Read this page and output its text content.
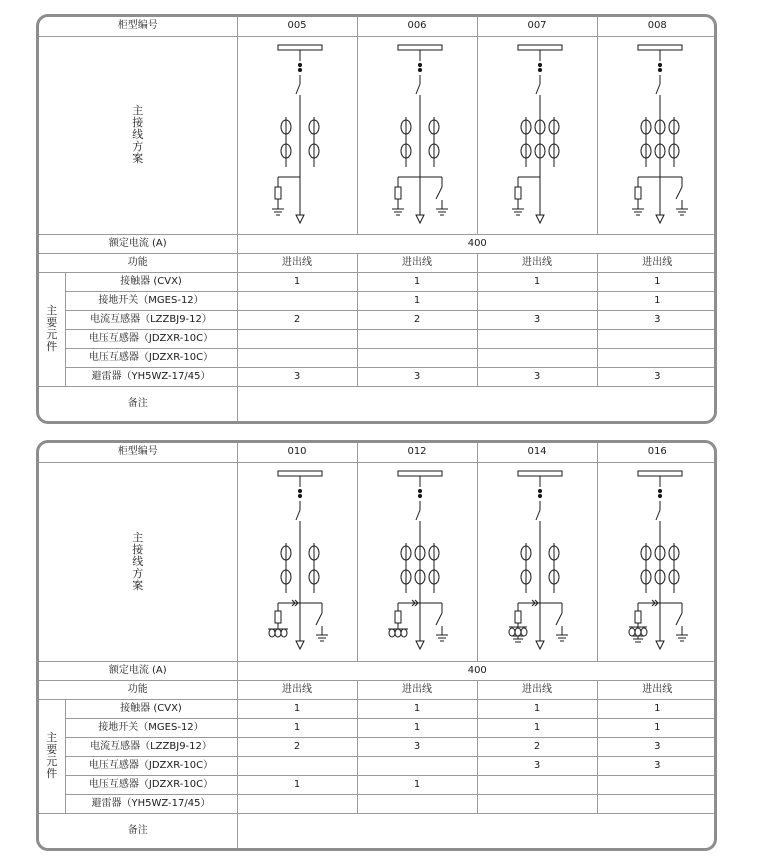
柜型编号		005	006	007	008

主
接
线
方
案

额定电流 (A)		400			
功能		进出线	进出线	进出线	进出线

主
要
元
件	接触器 (CVX)	1	1	1	1
	接地开关（MGES-12）		1		1
	电流互感器（LZZBJ9-12）	2	2	3	3
	电压互感器（JDZXR-10C）				
	电压互感器（JDZXR-10C）				
	避雷器（YH5WZ-17/45）	3	3	3	3
备注					
柜型编号		010	012	014	016

主
接
线
方
案

额定电流 (A)		400			
功能		进出线	进出线	进出线	进出线

主
要
元
件	接触器 (CVX)	1	1	1	1
	接地开关（MGES-12）	1	1	1	1
	电流互感器（LZZBJ9-12）	2	3	2	3
	电压互感器（JDZXR-10C）			3	3
	电压互感器（JDZXR-10C）	1	1		
	避雷器（YH5WZ-17/45）				
备注					
